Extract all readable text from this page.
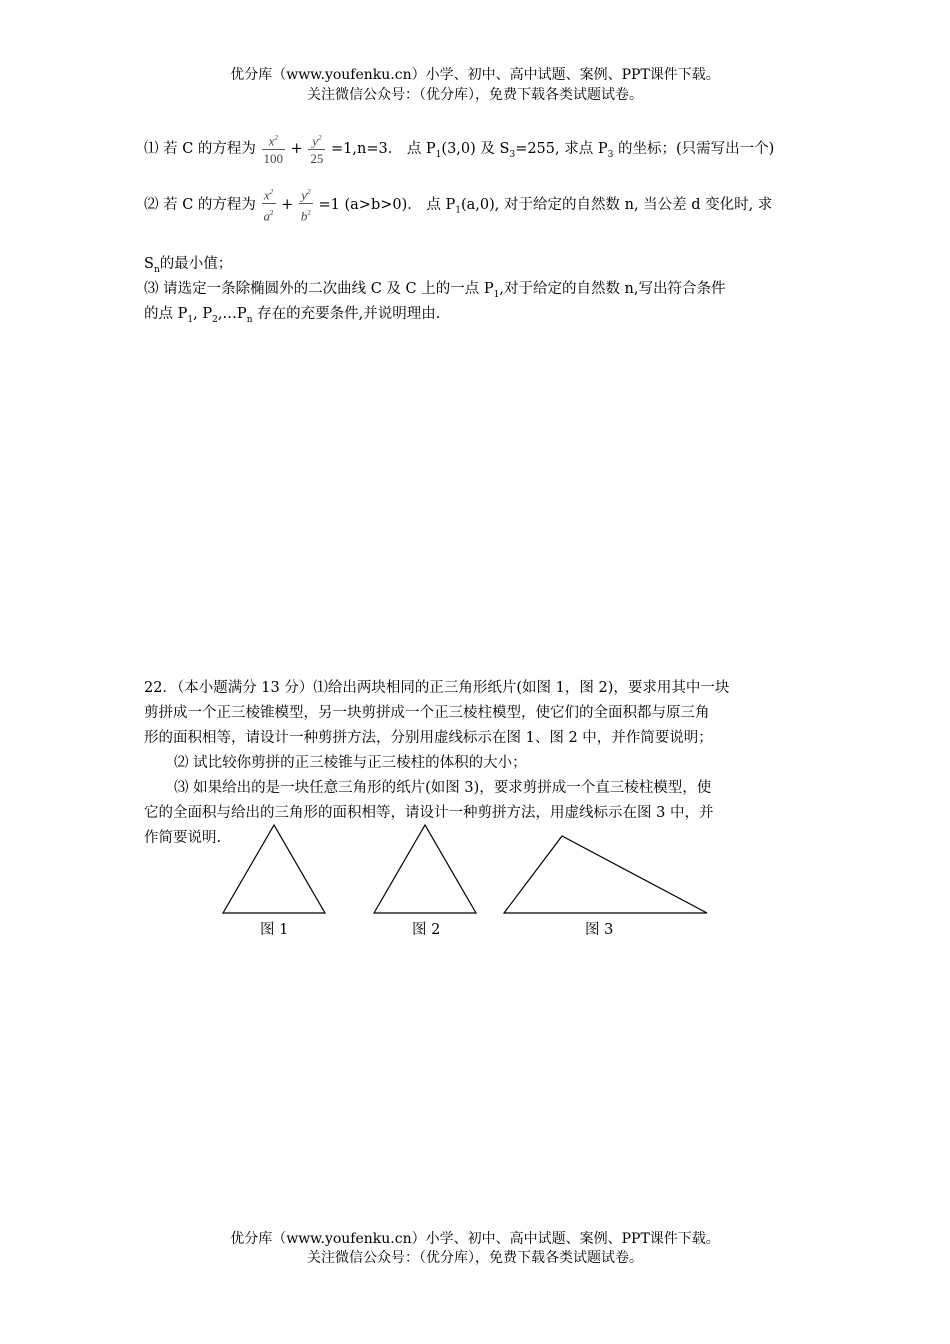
优分库（www.youfenku.cn）小学、初中、高中试题、案例、PPT课件下载。
关注微信公众号：（优分库），免费下载各类试题试卷。
⑴ 若 C 的方程为 $\frac{x^2}{100} + \frac{y^2}{25} =1,n=3$． 点 $P_1(3,0)$ 及 $S_3=255$, 求点 $P_3$ 的坐标；(只需写出一个)
⑵ 若 C 的方程为 $\frac{x^2}{a^2} + \frac{y^2}{b^2} =1$ (a>b>0)． 点 $P_1(a,0)$, 对于给定的自然数 n, 当公差 d 变化时, 求
$S_n$的最小值；
⑶ 请选定一条除椭圆外的二次曲线 C 及 C 上的一点 $P_1$,对于给定的自然数 n,写出符合条件
的点 $P_1$, $P_2,\dots P_n$ 存在的充要条件,并说明理由.
22．（本小题满分 13 分）⑴给出两块相同的正三角形纸片(如图 1，图 2)，要求用其中一块
剪拼成一个正三棱锥模型，另一块剪拼成一个正三棱柱模型，使它们的全面积都与原三角
形的面积相等，请设计一种剪拼方法，分别用虚线标示在图 1、图 2 中，并作简要说明；
⑵ 试比较你剪拼的正三棱锥与正三棱柱的体积的大小；
⑶ 如果给出的是一块任意三角形的纸片(如图 3)，要求剪拼成一个直三棱柱模型，使
它的全面积与给出的三角形的面积相等，请设计一种剪拼方法，用虚线标示在图 3 中，并
作简要说明.
图 1	图 2	图 3
优分库（www.youfenku.cn）小学、初中、高中试题、案例、PPT课件下载。
关注微信公众号：（优分库），免费下载各类试题试卷。
